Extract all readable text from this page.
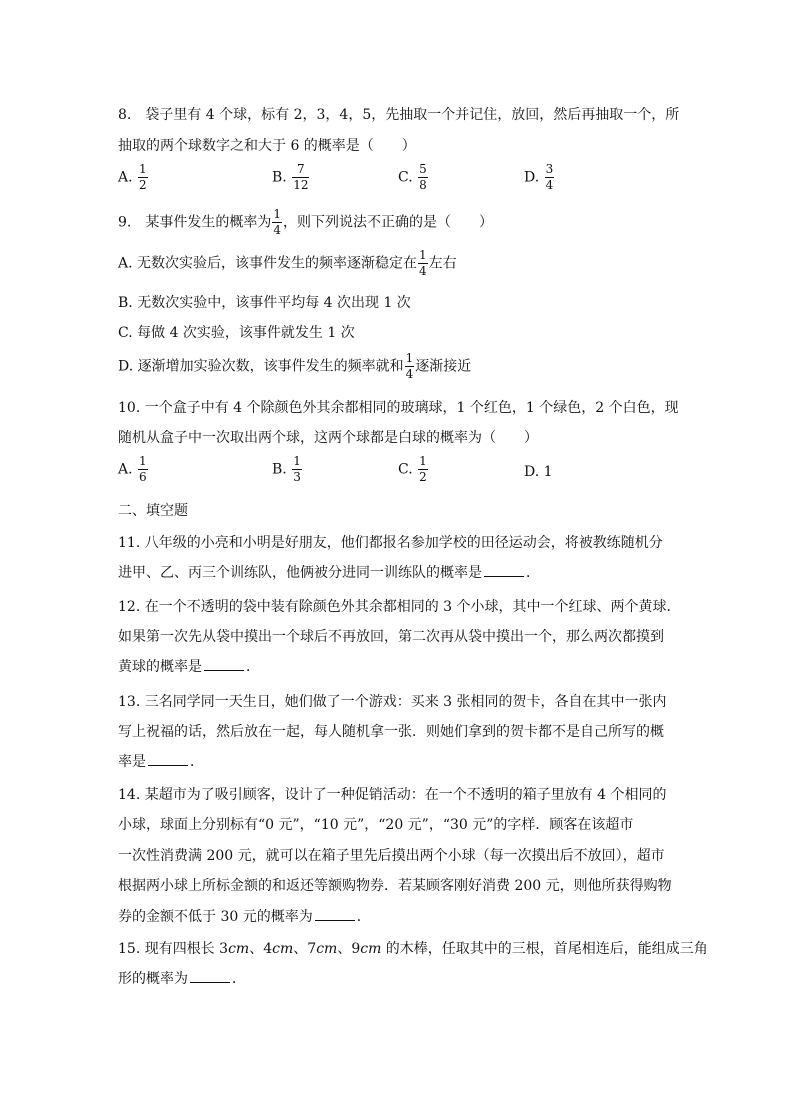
8.　袋子里有 4 个球，标有 2，3，4，5，先抽取一个并记住，放回，然后再抽取一个，所
抽取的两个球数字之和大于 6 的概率是（　　）
A. $\frac{1}{2}$	B. $\frac{7}{12}$	C. $\frac{5}{8}$	D. $\frac{3}{4}$
9.　某事件发生的概率为 $\frac{1}{4}$ ，则下列说法不正确的是（　　）
A. 无数次实验后，该事件发生的频率逐渐稳定在 $\frac{1}{4}$ 左右
B. 无数次实验中，该事件平均每 4 次出现 1 次
C. 每做 4 次实验，该事件就发生 1 次
D. 逐渐增加实验次数，该事件发生的频率就和 $\frac{1}{4}$ 逐渐接近
10. 一个盒子中有 4 个除颜色外其余都相同的玻璃球，1 个红色，1 个绿色，2 个白色，现
随机从盒子中一次取出两个球，这两个球都是白球的概率为（　　）
A. $\frac{1}{6}$	B. $\frac{1}{3}$	C. $\frac{1}{2}$	D. 1
二、填空题
11. 八年级的小亮和小明是好朋友，他们都报名参加学校的田径运动会，将被教练随机分
进甲、乙、丙三个训练队，他俩被分进同一训练队的概率是	．
12. 在一个不透明的袋中装有除颜色外其余都相同的 3 个小球，其中一个红球、两个黄球．
如果第一次先从袋中摸出一个球后不再放回，第二次再从袋中摸出一个，那么两次都摸到
黄球的概率是	．
13. 三名同学同一天生日，她们做了一个游戏：买来 3 张相同的贺卡，各自在其中一张内
写上祝福的话，然后放在一起，每人随机拿一张．则她们拿到的贺卡都不是自己所写的概
率是	．
14. 某超市为了吸引顾客，设计了一种促销活动：在一个不透明的箱子里放有 4 个相同的
小球，球面上分别标有“0 元”，“10 元”，“20 元”，“30 元”的字样．顾客在该超市
一次性消费满 200 元，就可以在箱子里先后摸出两个小球（每一次摸出后不放回），超市
根据两小球上所标金额的和返还等额购物券．若某顾客刚好消费 200 元，则他所获得购物
券的金额不低于 30 元的概率为	．
15. 现有四根长 3cm、4cm、7cm、9cm 的木棒，任取其中的三根，首尾相连后，能组成三角
形的概率为	．
